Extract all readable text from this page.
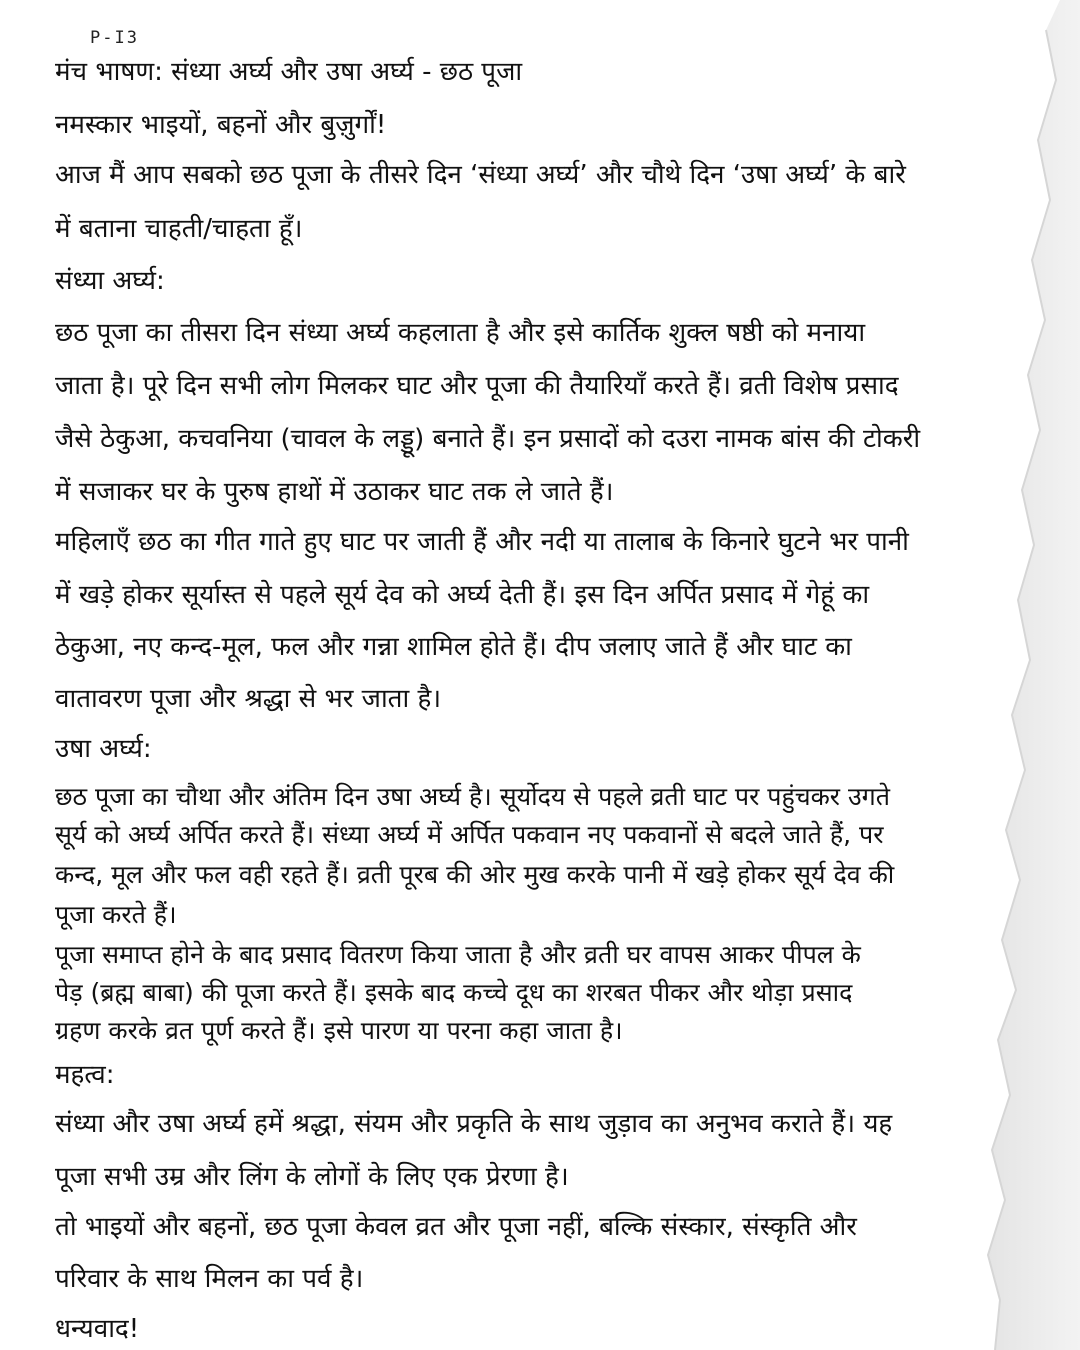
P-I3
मंच भाषण: संध्या अर्घ्य और उषा अर्घ्य - छठ पूजा
नमस्कार भाइयों, बहनों और बुज़ुर्गों!
आज मैं आप सबको छठ पूजा के तीसरे दिन ‘संध्या अर्घ्य’ और चौथे दिन ‘उषा अर्घ्य’ के बारे
में बताना चाहती/चाहता हूँ।
संध्या अर्घ्य:
छठ पूजा का तीसरा दिन संध्या अर्घ्य कहलाता है और इसे कार्तिक शुक्ल षष्ठी को मनाया
जाता है। पूरे दिन सभी लोग मिलकर घाट और पूजा की तैयारियाँ करते हैं। व्रती विशेष प्रसाद
जैसे ठेकुआ, कचवनिया (चावल के लड्डू) बनाते हैं। इन प्रसादों को दउरा नामक बांस की टोकरी
में सजाकर घर के पुरुष हाथों में उठाकर घाट तक ले जाते हैं।
महिलाएँ छठ का गीत गाते हुए घाट पर जाती हैं और नदी या तालाब के किनारे घुटने भर पानी
में खड़े होकर सूर्यास्त से पहले सूर्य देव को अर्घ्य देती हैं। इस दिन अर्पित प्रसाद में गेहूं का
ठेकुआ, नए कन्द-मूल, फल और गन्ना शामिल होते हैं। दीप जलाए जाते हैं और घाट का
वातावरण पूजा और श्रद्धा से भर जाता है।
उषा अर्घ्य:
छठ पूजा का चौथा और अंतिम दिन उषा अर्घ्य है। सूर्योदय से पहले व्रती घाट पर पहुंचकर उगते
सूर्य को अर्घ्य अर्पित करते हैं। संध्या अर्घ्य में अर्पित पकवान नए पकवानों से बदले जाते हैं, पर
कन्द, मूल और फल वही रहते हैं। व्रती पूरब की ओर मुख करके पानी में खड़े होकर सूर्य देव की
पूजा करते हैं।
पूजा समाप्त होने के बाद प्रसाद वितरण किया जाता है और व्रती घर वापस आकर पीपल के
पेड़ (ब्रह्म बाबा) की पूजा करते हैं। इसके बाद कच्चे दूध का शरबत पीकर और थोड़ा प्रसाद
ग्रहण करके व्रत पूर्ण करते हैं। इसे पारण या परना कहा जाता है।
महत्व:
संध्या और उषा अर्घ्य हमें श्रद्धा, संयम और प्रकृति के साथ जुड़ाव का अनुभव कराते हैं। यह
पूजा सभी उम्र और लिंग के लोगों के लिए एक प्रेरणा है।
तो भाइयों और बहनों, छठ पूजा केवल व्रत और पूजा नहीं, बल्कि संस्कार, संस्कृति और
परिवार के साथ मिलन का पर्व है।
धन्यवाद!
